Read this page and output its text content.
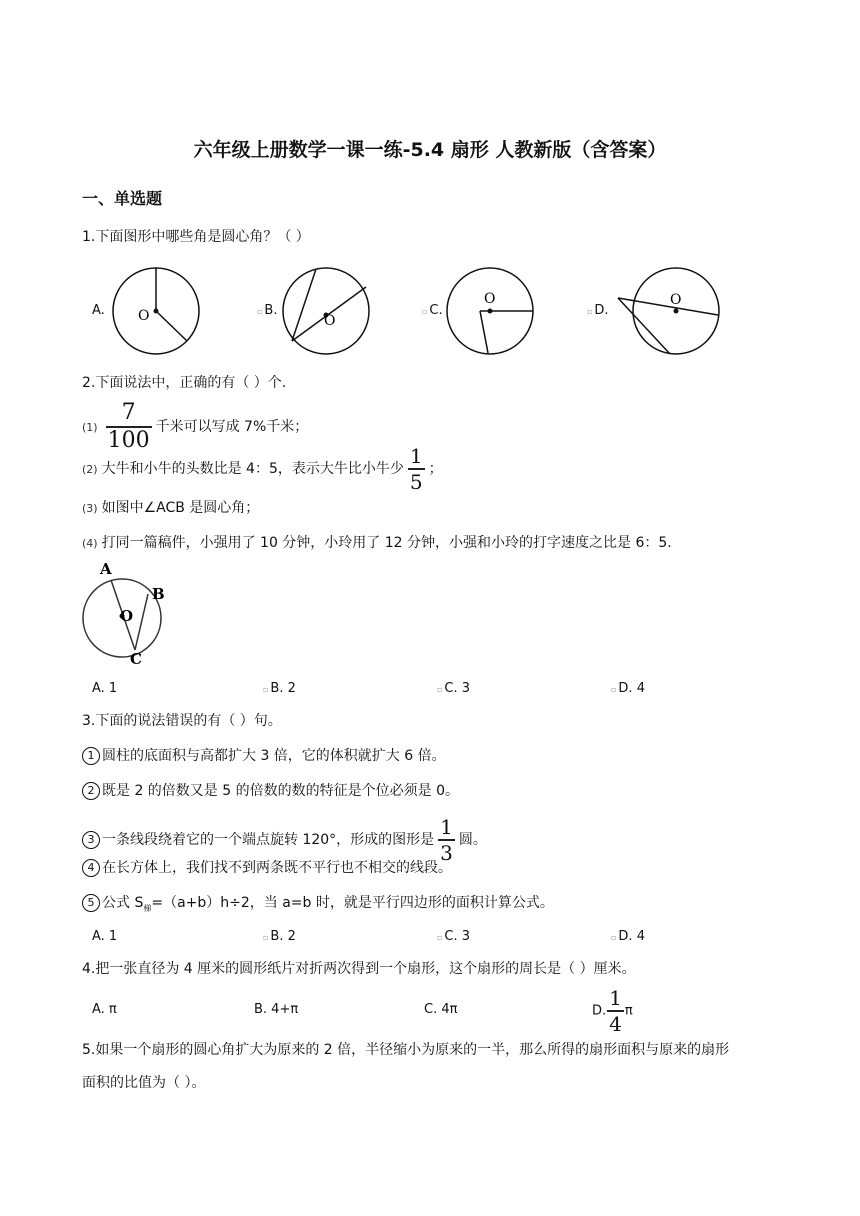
六年级上册数学一课一练-5.4 扇形 人教新版（含答案）
一、单选题
1.下面图形中哪些角是圆心角？（ ）
A. O	▫ B.
O
▫ C.
O
▫ D.
O
2.下面说法中，正确的有（ ）个.
$(1) \frac{7}{100}$ 千米可以写成 7%千米；
(2) 大牛和小牛的头数比是 4：5，表示大牛比小牛少 $\frac{1}{5}$ ；
(3) 如图中∠ACB 是圆心角；
(4) 打同一篇稿件，小强用了 10 分钟，小玲用了 12 分钟，小强和小玲的打字速度之比是 6：5.
A
B
O
C
A. 1	▫ B. 2	▫ C. 3	▫ D. 4
3.下面的说法错误的有（ ）句。
1 圆柱的底面积与高都扩大 3 倍，它的体积就扩大 6 倍。
2 既是 2 的倍数又是 5 的倍数的数的特征是个位必须是 0。
3 一条线段绕着它的一个端点旋转 120°，形成的图形是 $\frac{1}{3}$ 圆。
4 在长方体上，我们找不到两条既不平行也不相交的线段。
5 公式 $S_梯=(a+b)h\div 2$，当 a=b 时，就是平行四边形的面积计算公式。
A. 1	▫ B. 2	▫ C. 3	▫ D. 4
4.把一张直径为 4 厘米的圆形纸片对折两次得到一个扇形，这个扇形的周长是（ ）厘米。
A. π	B. 4+π	C. 4π	D. $\frac{1}{4}$ π
5.如果一个扇形的圆心角扩大为原来的 2 倍，半径缩小为原来的一半，那么所得的扇形面积与原来的扇形
面积的比值为（ ）。
